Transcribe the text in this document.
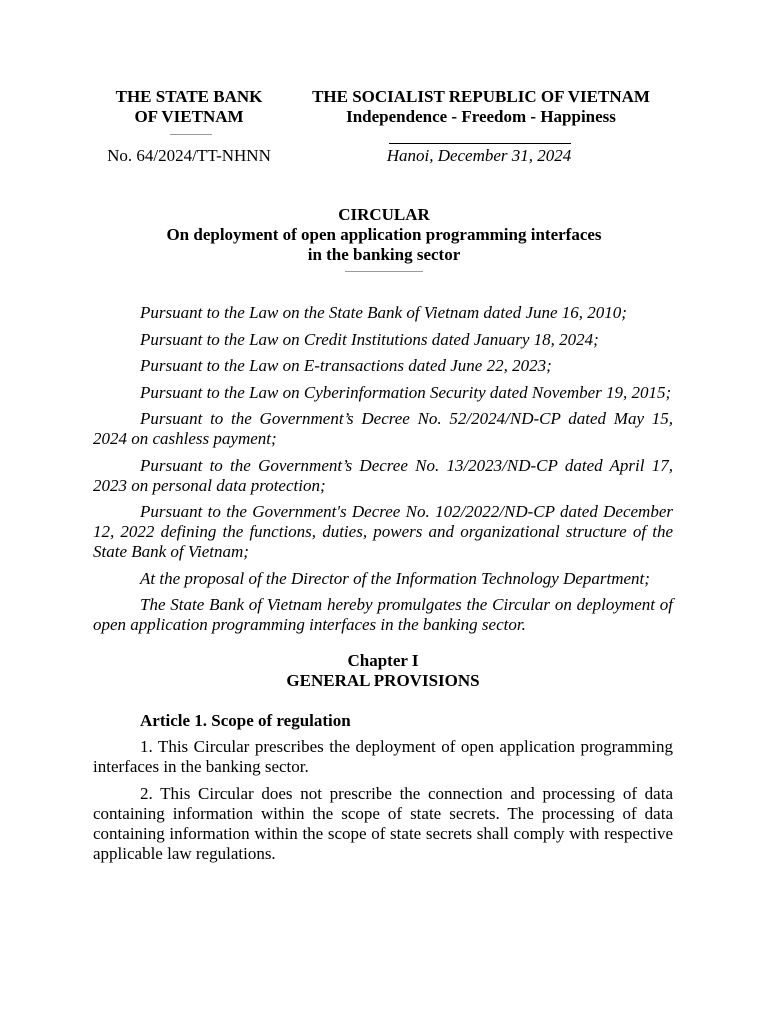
THE STATE BANK
OF VIETNAM
THE SOCIALIST REPUBLIC OF VIETNAM
Independence - Freedom - Happiness
No. 64/2024/TT-NHNN	Hanoi, December 31, 2024
CIRCULAR
On deployment of open application programming interfaces
in the banking sector

Pursuant to the Law on the State Bank of Vietnam dated June 16, 2010;

Pursuant to the Law on Credit Institutions dated January 18, 2024;

Pursuant to the Law on E-transactions dated June 22, 2023;

Pursuant to the Law on Cyberinformation Security dated November 19, 2015;

Pursuant to the Government’s Decree No. 52/2024/ND-CP dated May 15, 2024 on cashless payment;

Pursuant to the Government’s Decree No. 13/2023/ND-CP dated April 17, 2023 on personal data protection;

Pursuant to the Government's Decree No. 102/2022/ND-CP dated December 12, 2022 defining the functions, duties, powers and organizational structure of the State Bank of Vietnam;

At the proposal of the Director of the Information Technology Department;

The State Bank of Vietnam hereby promulgates the Circular on deployment of open application programming interfaces in the banking sector.

Chapter I
GENERAL PROVISIONS
Article 1. Scope of regulation

1. This Circular prescribes the deployment of open application programming interfaces in the banking sector.

2. This Circular does not prescribe the connection and processing of data containing information within the scope of state secrets. The processing of data containing information within the scope of state secrets shall comply with respective applicable law regulations.
